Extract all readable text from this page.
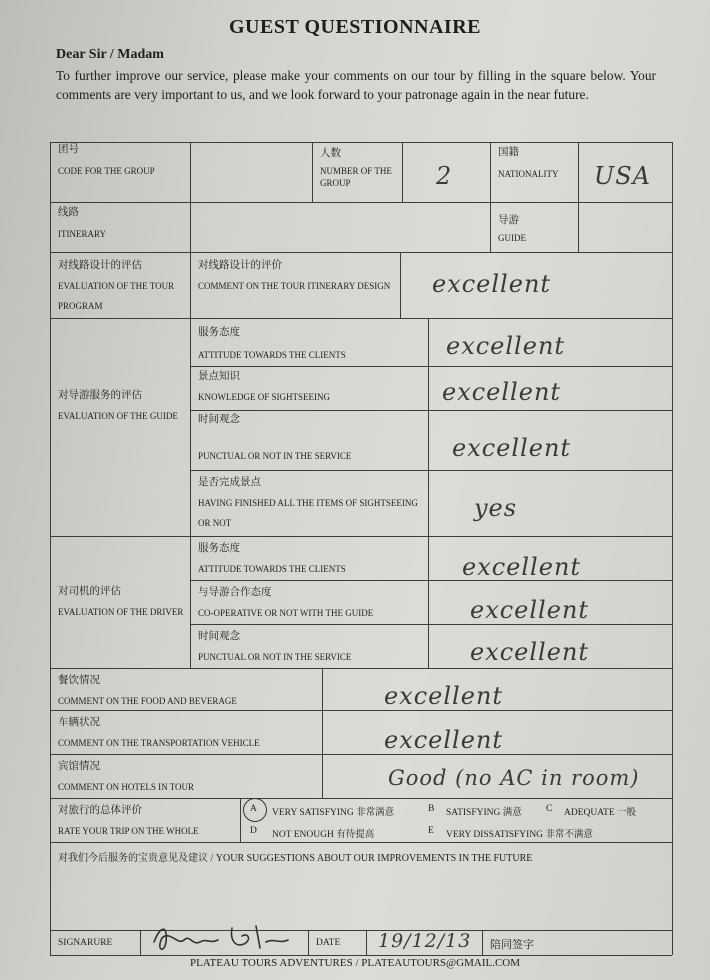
GUEST QUESTIONNAIRE
Dear Sir / Madam
To further improve our service, please make your comments on our tour by filling in the square below. Your comments are very important to us, and we look forward to your patronage again in the near future.
团号
CODE FOR THE GROUP
人数
NUMBER OF THE GROUP	2
国籍
NATIONALITY USA
线路
ITINERARY
导游
GUIDE
对线路设计的评估
EVALUATION OF THE TOUR PROGRAM
对线路设计的评价
COMMENT ON THE TOUR ITINERARY DESIGN	excellent
对导游服务的评估
EVALUATION OF THE GUIDE
服务态度
ATTITUDE TOWARDS THE CLIENTS	excellent
景点知识
KNOWLEDGE OF SIGHTSEEING	excellent
时间观念
PUNCTUAL OR NOT IN THE SERVICE	excellent
是否完成景点
HAVING FINISHED ALL THE ITEMS OF SIGHTSEEING OR NOT
yes
对司机的评估
EVALUATION OF THE DRIVER
服务态度
ATTITUDE TOWARDS THE CLIENTS	excellent
与导游合作态度
CO-OPERATIVE OR NOT WITH THE GUIDE	excellent
时间观念
PUNCTUAL OR NOT IN THE SERVICE	excellent
餐饮情况
COMMENT ON THE FOOD AND BEVERAGE	excellent
车辆状况
COMMENT ON THE TRANSPORTATION VEHICLE	excellent
宾馆情况
COMMENT ON HOTELS IN TOUR	Good (no AC in room)
对旅行的总体评价
RATE YOUR TRIP ON THE WHOLE
A VERY SATISFYING 非常满意	B SATISFYING 满意	C ADEQUATE 一般
D NOT ENOUGH 有待提高	E VERY DISSATISFYING 非常不满意
对我们今后服务的宝贵意见及建议 / YOUR SUGGESTIONS ABOUT OUR IMPROVEMENTS IN THE FUTURE
SIGNARURE	DATE 19/12/13 陪同签字
PLATEAU TOURS ADVENTURES / PLATEAUTOURS@GMAIL.COM
